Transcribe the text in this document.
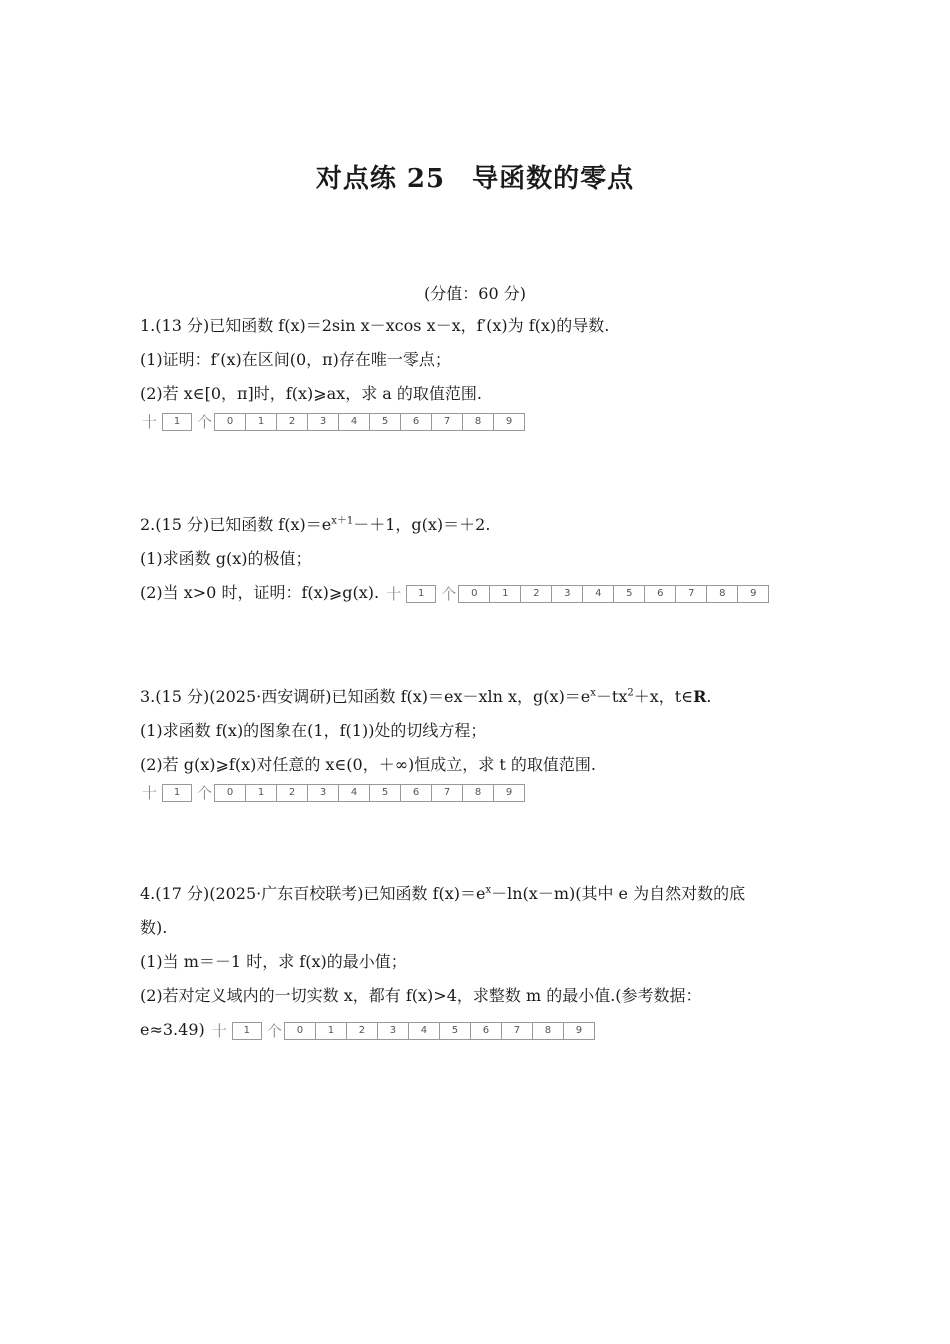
对点练 25　导函数的零点
(分值：60 分)
1.(13 分)已知函数 f(x)＝2sin x－xcos x－x，f′(x)为 f(x)的导数.
(1)证明：f′(x)在区间(0，π)存在唯一零点；
(2)若 x∈[0，π]时，f(x)⩾ax，求 a 的取值范围.
十	1	个	0	1	2	3	4	5	6	7	8	9
2.(15 分)已知函数 $f(x)=e^{x+1}-+1$，g(x)＝＋2.
(1)求函数 g(x)的极值；
(2)当 x>0 时，证明：f(x)⩾g(x). 十	1	个	0	1	2	3	4	5	6	7	8	9
3.(15 分)(2025·西安调研)已知函数 f(x)＝ex－xln x，$g(x)=e^x-tx^2+x$，t∈R.
(1)求函数 f(x)的图象在(1，f(1))处的切线方程；
(2)若 g(x)⩾f(x)对任意的 x∈(0，＋∞)恒成立，求 t 的取值范围.
十	1	个	0	1	2	3	4	5	6	7	8	9
4.(17 分)(2025·广东百校联考)已知函数 $f(x)=e^x-\ln(x-m)$(其中 e 为自然对数的底
数).
(1)当 m＝－1 时，求 f(x)的最小值；
(2)若对定义域内的一切实数 x，都有 f(x)>4，求整数 m 的最小值.(参考数据：
e≈3.49) 十	1	个	0	1	2	3	4	5	6	7	8	9
